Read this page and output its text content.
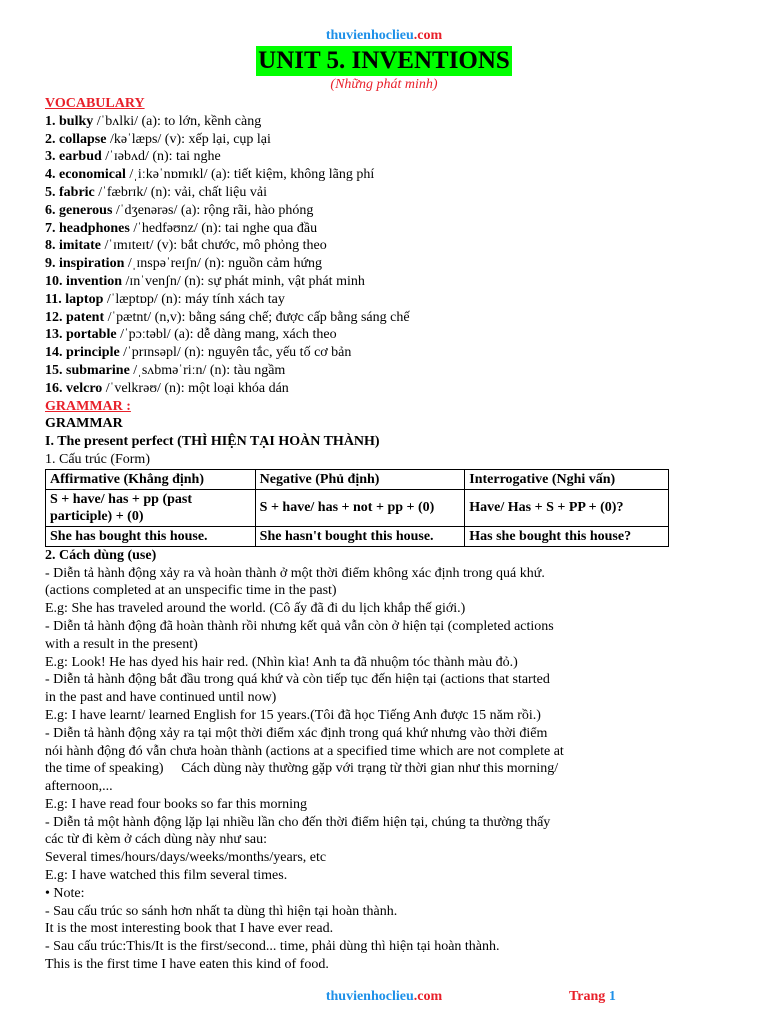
thuvienhoclieu.com
UNIT 5. INVENTIONS
(Những phát minh)
VOCABULARY
1. bulky /ˈbʌlki/ (a): to lớn, kềnh càng
2. collapse /kəˈlæps/ (v): xếp lại, cụp lại
3. earbud /ˈɪəbʌd/ (n): tai nghe
4. economical /ˌiːkəˈnɒmɪkl/ (a): tiết kiệm, không lãng phí
5. fabric /ˈfæbrɪk/ (n): vải, chất liệu vải
6. generous /ˈdʒenərəs/ (a): rộng rãi, hào phóng
7. headphones /ˈhedfəʊnz/ (n): tai nghe qua đầu
8. imitate /ˈɪmɪteɪt/ (v): bắt chước, mô phỏng theo
9. inspiration /ˌɪnspəˈreɪʃn/ (n): nguồn cảm hứng
10. invention /ɪnˈvenʃn/ (n): sự phát minh, vật phát minh
11. laptop /ˈlæptɒp/ (n): máy tính xách tay
12. patent /ˈpætnt/ (n,v): bằng sáng chế; được cấp bằng sáng chế
13. portable /ˈpɔːtəbl/ (a): dễ dàng mang, xách theo
14. principle /ˈprɪnsəpl/ (n): nguyên tắc, yếu tố cơ bản
15. submarine /ˌsʌbməˈriːn/ (n): tàu ngầm
16. velcro /ˈvelkrəʊ/ (n): một loại khóa dán
GRAMMAR :
GRAMMAR
I. The present perfect (THÌ HIỆN TẠI HOÀN THÀNH)
1. Cấu trúc (Form)
Affirmative (Khẳng định)	Negative (Phủ định)	Interrogative (Nghi vấn)
S + have/ has + pp (past participle) + (0)	S + have/ has + not + pp + (0)	Have/ Has + S + PP + (0)?
She has bought this house.	She hasn't bought this house.	Has she bought this house?
2. Cách dùng (use)
- Diễn tả hành động xảy ra và hoàn thành ở một thời điểm không xác định trong quá khứ.
(actions completed at an unspecific time in the past)
E.g: She has traveled around the world. (Cô ấy đã đi du lịch khắp thế giới.)
- Diễn tả hành động đã hoàn thành rồi nhưng kết quả vẫn còn ở hiện tại (completed actions
with a result in the present)
E.g: Look! He has dyed his hair red. (Nhìn kìa! Anh ta đã nhuộm tóc thành màu đỏ.)
- Diễn tả hành động bắt đầu trong quá khứ và còn tiếp tục đến hiện tại (actions that started
in the past and have continued until now)
E.g: I have learnt/ learned English for 15 years.(Tôi đã học Tiếng Anh được 15 năm rồi.)
- Diễn tả hành động xảy ra tại một thời điểm xác định trong quá khứ nhưng vào thời điểm
nói hành động đó vẫn chưa hoàn thành (actions at a specified time which are not complete at
the time of speaking)     Cách dùng này thường gặp với trạng từ thời gian như this morning/
afternoon,...
E.g: I have read four books so far this morning
- Diễn tả một hành động lặp lại nhiều lần cho đến thời điểm hiện tại, chúng ta thường thấy
các từ đi kèm ở cách dùng này như sau:
Several times/hours/days/weeks/months/years, etc
E.g: I have watched this film several times.
• Note:
- Sau cấu trúc so sánh hơn nhất ta dùng thì hiện tại hoàn thành.
It is the most interesting book that I have ever read.
- Sau cấu trúc:This/It is the first/second... time, phải dùng thì hiện tại hoàn thành.
This is the first time I have eaten this kind of food.
thuvienhoclieu.com	Trang 1
